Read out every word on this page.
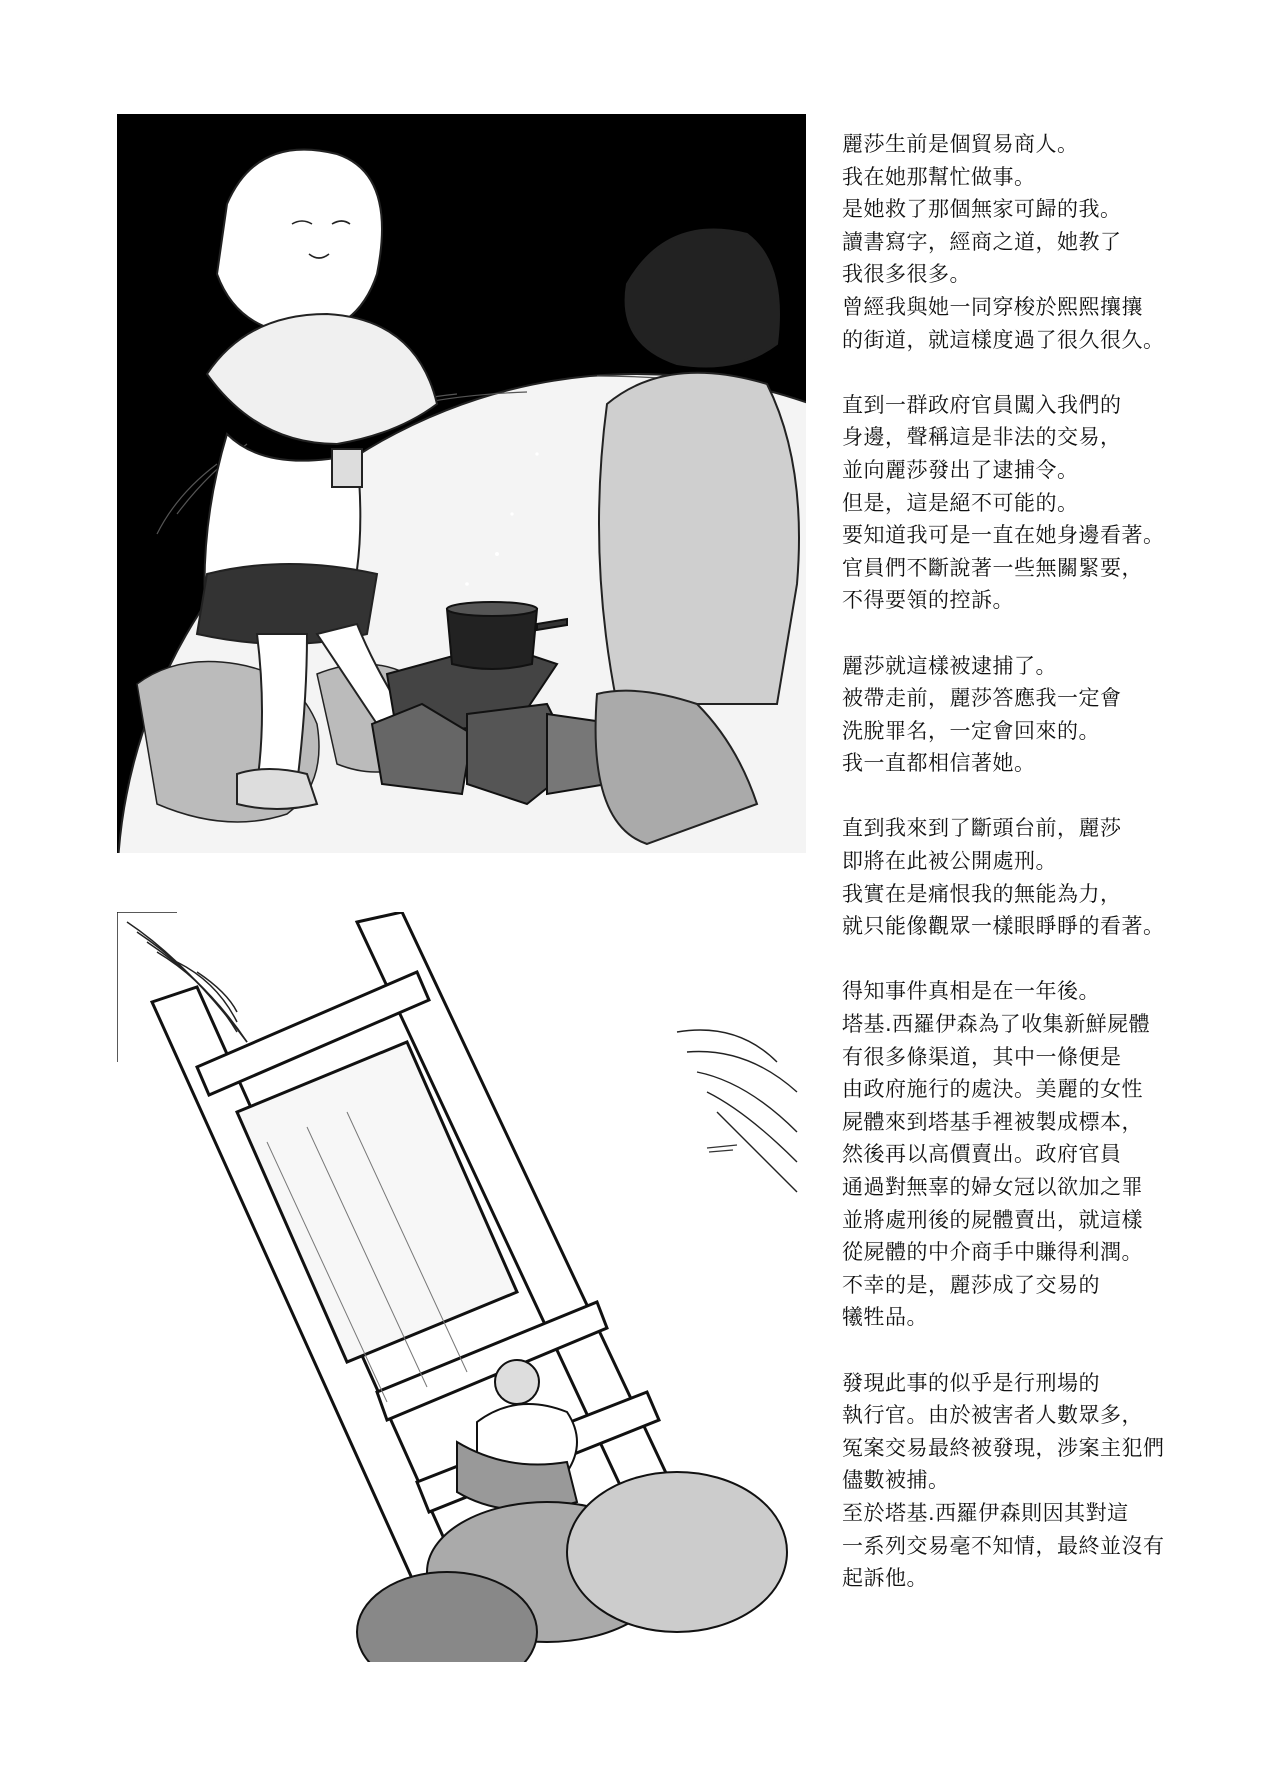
麗莎生前是個貿易商人。
我在她那幫忙做事。
是她救了那個無家可歸的我。
讀書寫字，經商之道，她教了
我很多很多。
曾經我與她一同穿梭於熙熙攘攘
的街道，就這樣度過了很久很久。
直到一群政府官員闖入我們的
身邊，聲稱這是非法的交易，
並向麗莎發出了逮捕令。
但是，這是絕不可能的。
要知道我可是一直在她身邊看著。
官員們不斷說著一些無關緊要，
不得要領的控訴。
麗莎就這樣被逮捕了。
被帶走前，麗莎答應我一定會
洗脫罪名，一定會回來的。
我一直都相信著她。
直到我來到了斷頭台前，麗莎
即將在此被公開處刑。
我實在是痛恨我的無能為力，
就只能像觀眾一樣眼睜睜的看著。
得知事件真相是在一年後。
塔基.西羅伊森為了收集新鮮屍體
有很多條渠道，其中一條便是
由政府施行的處決。美麗的女性
屍體來到塔基手裡被製成標本，
然後再以高價賣出。政府官員
通過對無辜的婦女冠以欲加之罪
並將處刑後的屍體賣出，就這樣
從屍體的中介商手中賺得利潤。
不幸的是，麗莎成了交易的
犧牲品。
發現此事的似乎是行刑場的
執行官。由於被害者人數眾多，
冤案交易最終被發現，涉案主犯們
儘數被捕。
至於塔基.西羅伊森則因其對這
一系列交易毫不知情，最終並沒有
起訴他。
